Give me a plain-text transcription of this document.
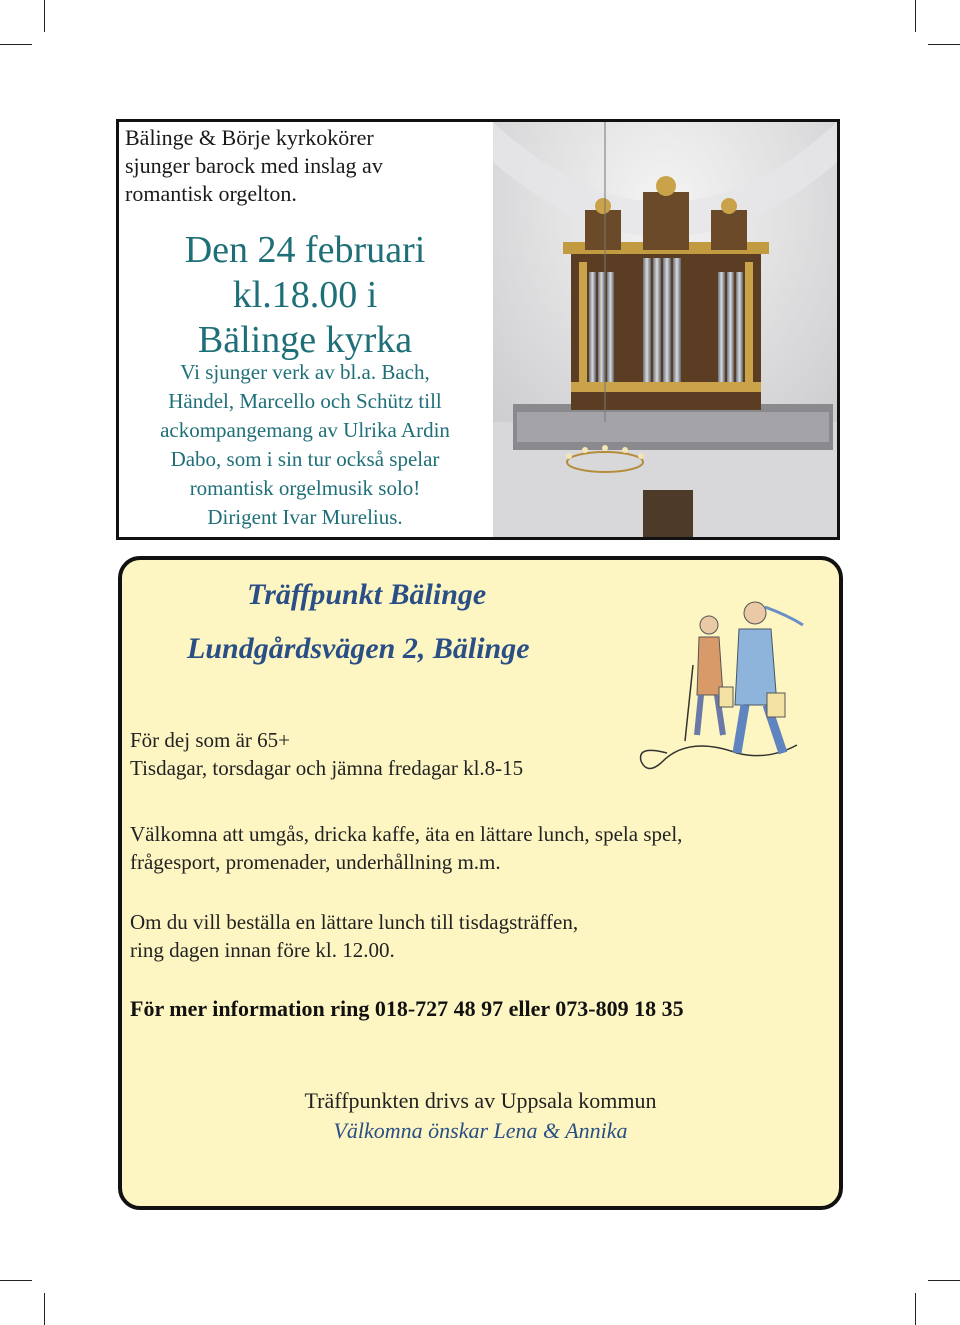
Bälinge & Börje kyrkokörer
sjunger barock med inslag av
romantisk orgelton.
Den 24 februari
kl.18.00 i
Bälinge kyrka
Vi sjunger verk av bl.a. Bach,
Händel, Marcello och Schütz till
ackompangemang av Ulrika Ardin
Dabo, som i sin tur också spelar
romantisk orgelmusik solo!
Dirigent Ivar Murelius.
Träffpunkt Bälinge
Lundgårdsvägen 2, Bälinge
För dej som är 65+
Tisdagar, torsdagar och jämna fredagar kl.8-15
Välkomna att umgås, dricka kaffe, äta en lättare lunch, spela spel,
frågesport, promenader, underhållning m.m.
Om du vill beställa en lättare lunch till tisdagsträffen,
ring dagen innan före kl. 12.00.
För mer information ring 018-727 48 97 eller 073-809 18 35
Träffpunkten drivs av Uppsala kommun
Välkomna önskar Lena & Annika
